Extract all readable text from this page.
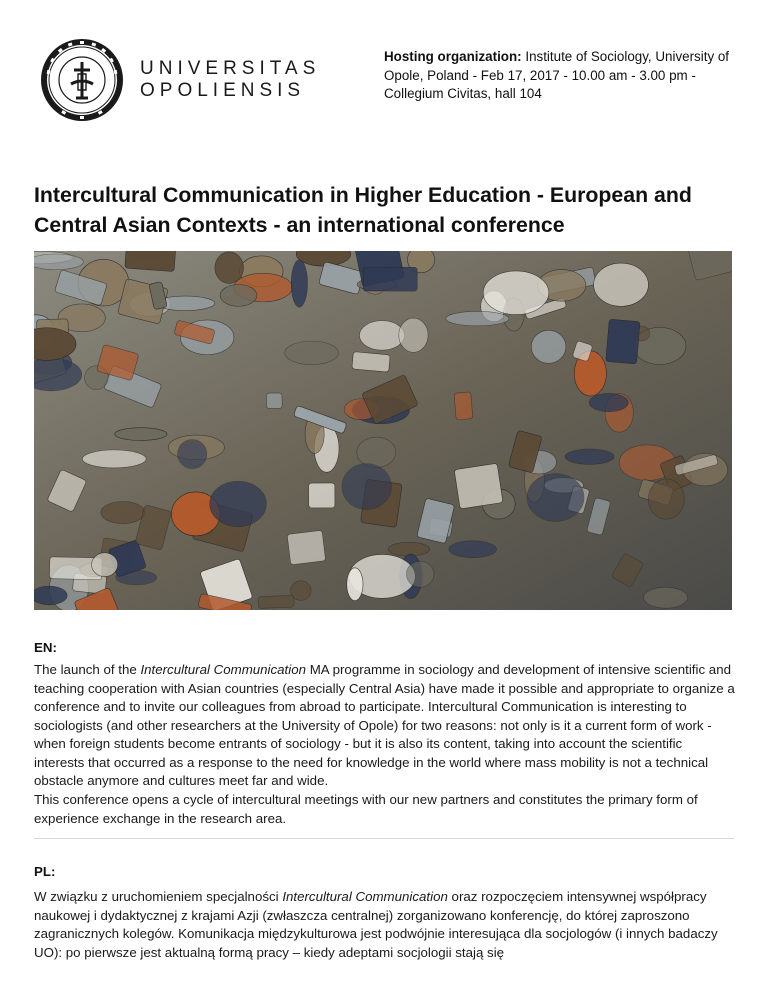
UNIVERSITAS
OPOLIENSIS
Hosting organization: Institute of Sociology, University of Opole, Poland - Feb 17, 2017 - 10.00 am - 3.00 pm - Collegium Civitas, hall 104
Intercultural Communication in Higher Education - European and Central Asian Contexts - an international conference
EN:

The launch of the Intercultural Communication MA programme in sociology and development of intensive scientific and teaching cooperation with Asian countries (especially Central Asia) have made it possible and appropriate to organize a conference and to invite our colleagues from abroad to participate. Intercultural Communication is interesting to sociologists (and other researchers at the University of Opole) for two reasons: not only is it a current form of work - when foreign students become entrants of sociology - but it is also its content, taking into account the scientific interests that occurred as a response to the need for knowledge in the world where mass mobility is not a technical obstacle anymore and cultures meet far and wide.

This conference opens a cycle of intercultural meetings with our new partners and constitutes the primary form of experience exchange in the research area.

PL:

W związku z uruchomieniem specjalności Intercultural Communication oraz rozpoczęciem intensywnej współpracy naukowej i dydaktycznej z krajami Azji (zwłaszcza centralnej) zorganizowano konferencję, do której zaproszono zagranicznych kolegów. Komunikacja międzykulturowa jest podwójnie interesująca dla socjologów (i innych badaczy UO): po pierwsze jest aktualną formą pracy – kiedy adeptami socjologii stają się
